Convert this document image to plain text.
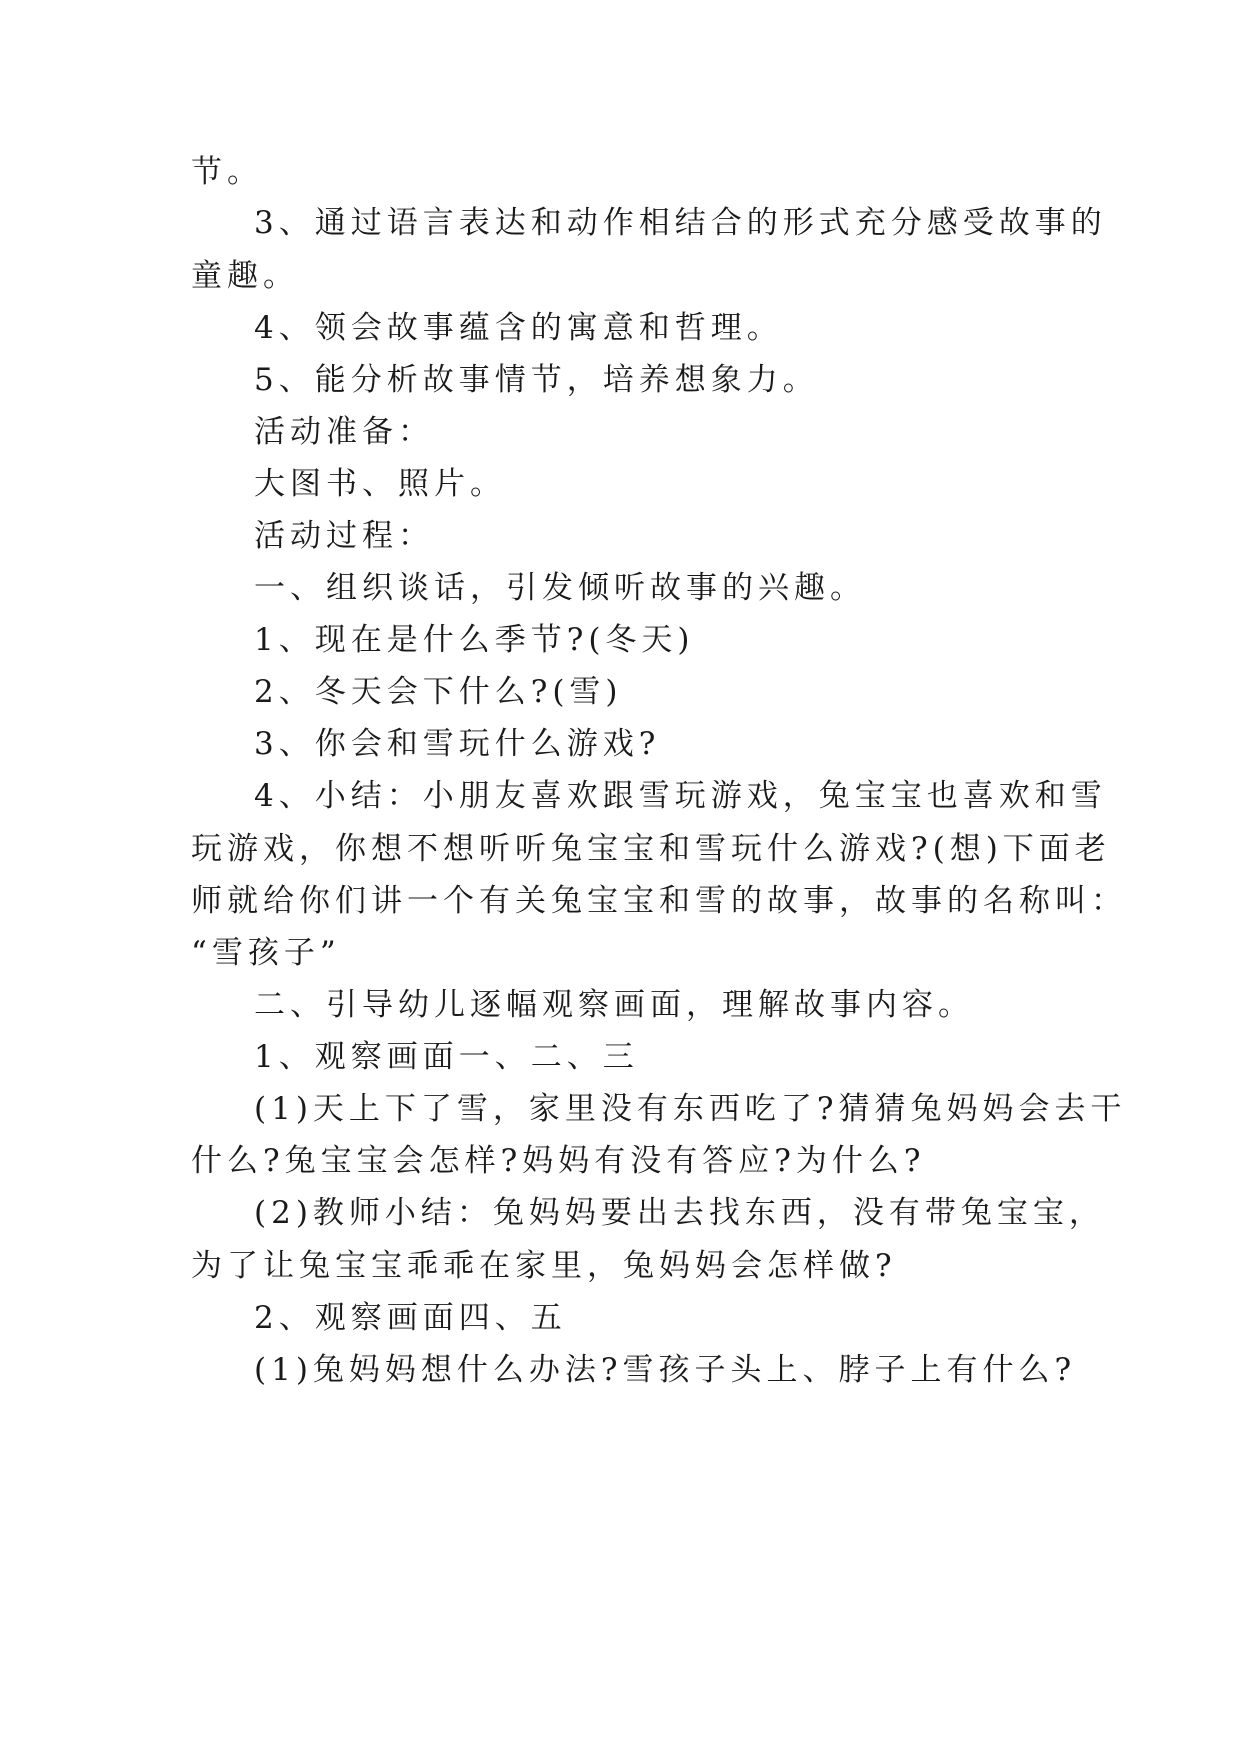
节。
3、通过语言表达和动作相结合的形式充分感受故事的
童趣。
4、领会故事蕴含的寓意和哲理。
5、能分析故事情节，培养想象力。
活动准备：
大图书、照片。
活动过程：
一、组织谈话，引发倾听故事的兴趣。
1、现在是什么季节?(冬天)
2、冬天会下什么?(雪)
3、你会和雪玩什么游戏?
4、小结：小朋友喜欢跟雪玩游戏，兔宝宝也喜欢和雪
玩游戏，你想不想听听兔宝宝和雪玩什么游戏?(想)下面老
师就给你们讲一个有关兔宝宝和雪的故事，故事的名称叫：
“雪孩子”
二、引导幼儿逐幅观察画面，理解故事内容。
1、观察画面一、二、三
(1)天上下了雪，家里没有东西吃了?猜猜兔妈妈会去干
什么?兔宝宝会怎样?妈妈有没有答应?为什么?
(2)教师小结：兔妈妈要出去找东西，没有带兔宝宝，
为了让兔宝宝乖乖在家里，兔妈妈会怎样做?
2、观察画面四、五
(1)兔妈妈想什么办法?雪孩子头上、脖子上有什么?
